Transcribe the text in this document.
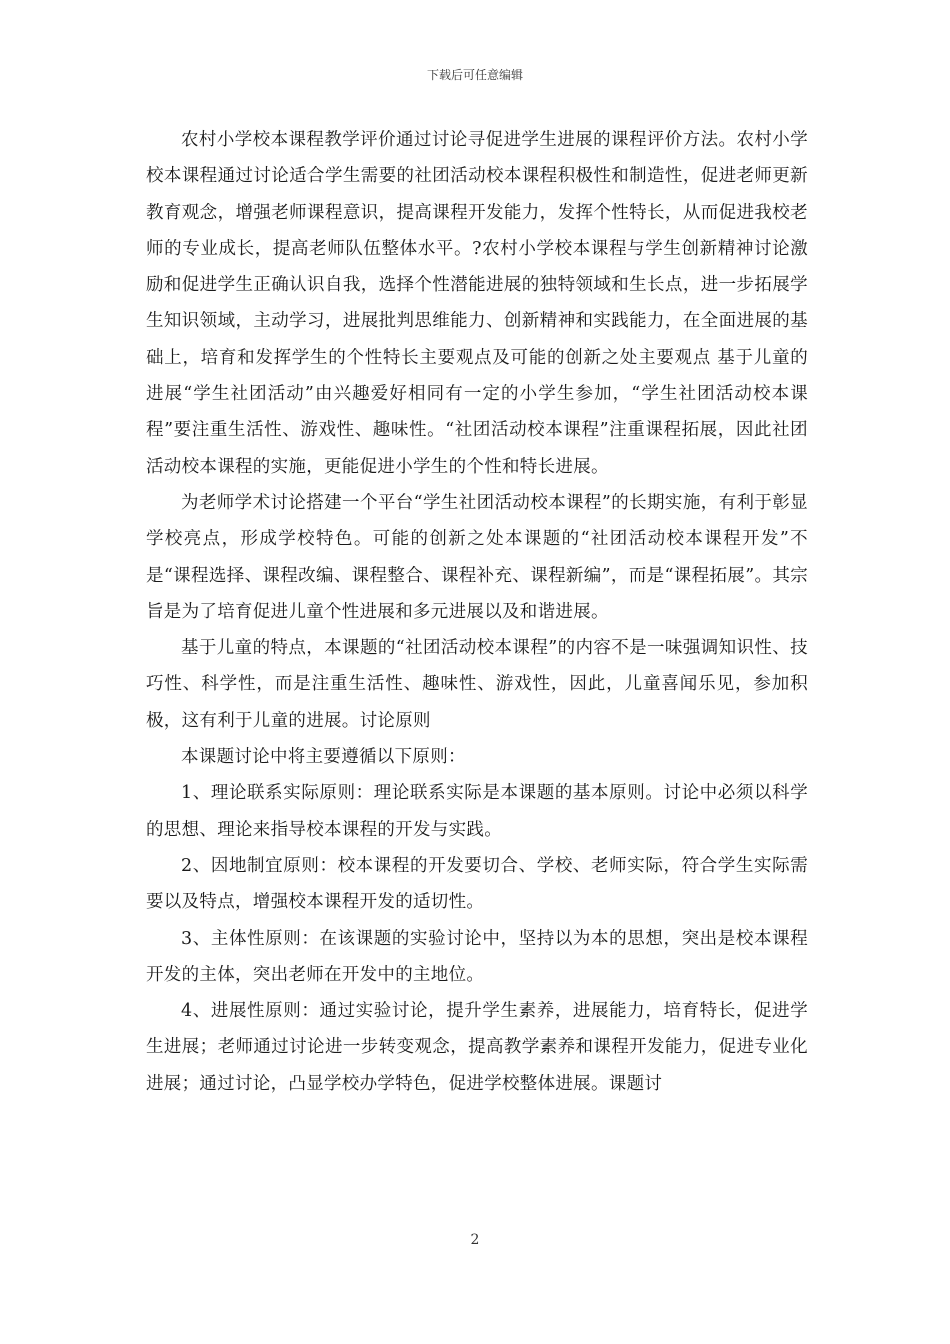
下载后可任意编辑

农村小学校本课程教学评价通过讨论寻促进学生进展的课程评价方法。农村小学校本课程通过讨论适合学生需要的社团活动校本课程积极性和制造性，促进老师更新教育观念，增强老师课程意识，提高课程开发能力，发挥个性特长，从而促进我校老师的专业成长，提高老师队伍整体水平。?农村小学校本课程与学生创新精神讨论激励和促进学生正确认识自我，选择个性潜能进展的独特领域和生长点，进一步拓展学生知识领域，主动学习，进展批判思维能力、创新精神和实践能力，在全面进展的基础上，培育和发挥学生的个性特长主要观点及可能的创新之处主要观点 基于儿童的进展“学生社团活动”由兴趣爱好相同有一定的小学生参加，“学生社团活动校本课程”要注重生活性、游戏性、趣味性。“社团活动校本课程”注重课程拓展，因此社团活动校本课程的实施，更能促进小学生的个性和特长进展。

为老师学术讨论搭建一个平台“学生社团活动校本课程”的长期实施，有利于彰显学校亮点，形成学校特色。可能的创新之处本课题的“社团活动校本课程开发”不是“课程选择、课程改编、课程整合、课程补充、课程新编”，而是“课程拓展”。其宗旨是为了培育促进儿童个性进展和多元进展以及和谐进展。

基于儿童的特点，本课题的“社团活动校本课程”的内容不是一味强调知识性、技巧性、科学性，而是注重生活性、趣味性、游戏性，因此，儿童喜闻乐见，参加积极，这有利于儿童的进展。讨论原则

本课题讨论中将主要遵循以下原则：

1、理论联系实际原则：理论联系实际是本课题的基本原则。讨论中必须以科学的思想、理论来指导校本课程的开发与实践。

2、因地制宜原则：校本课程的开发要切合、学校、老师实际，符合学生实际需要以及特点，增强校本课程开发的适切性。

3、主体性原则：在该课题的实验讨论中，坚持以为本的思想，突出是校本课程开发的主体，突出老师在开发中的主地位。

4、进展性原则：通过实验讨论，提升学生素养，进展能力，培育特长，促进学生进展；老师通过讨论进一步转变观念，提高教学素养和课程开发能力，促进专业化进展；通过讨论，凸显学校办学特色，促进学校整体进展。课题讨

2
